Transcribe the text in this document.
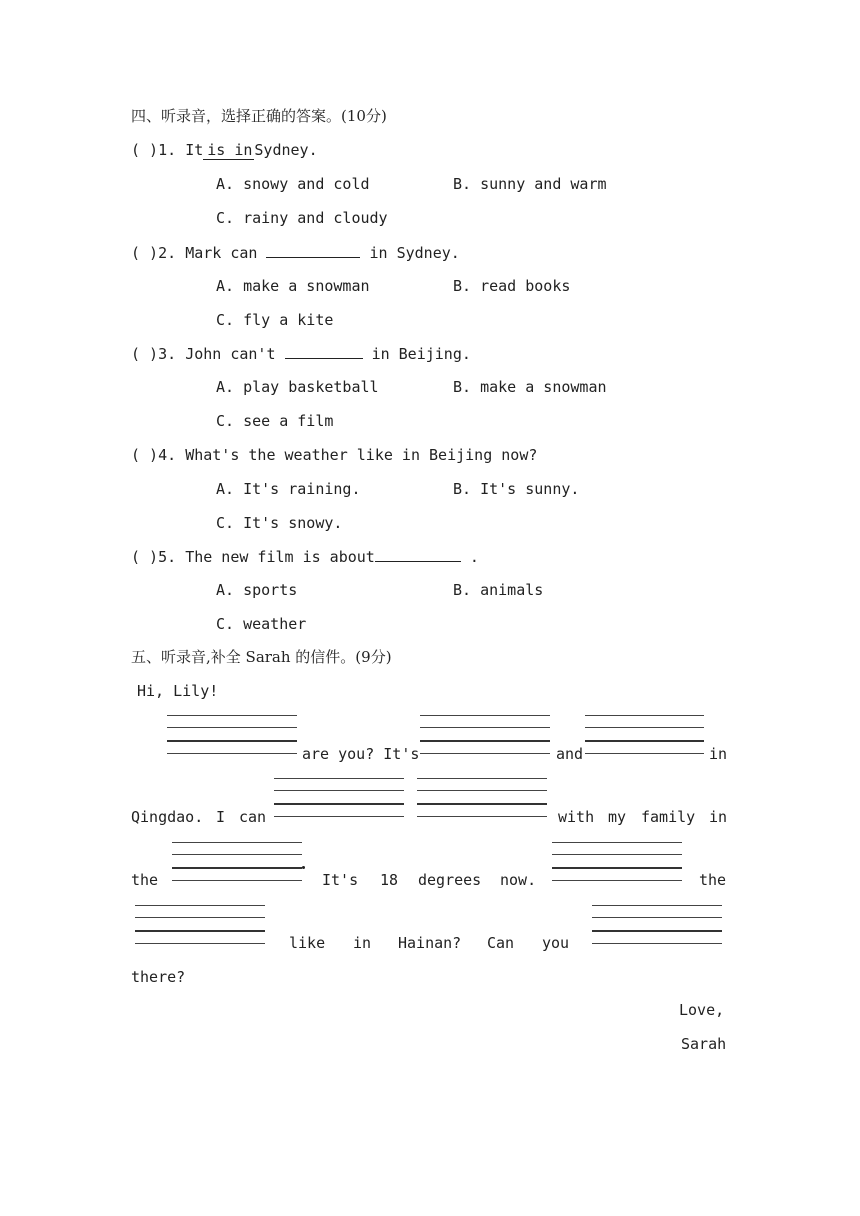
四、听录音，选择正确的答案。(10分)
( )1. It is in Sydney.
A. snowy and cold	B. sunny and warm
C. rainy and cloudy
( )2. Mark can	in Sydney.
A. make a snowman	B. read books
C. fly a kite
( )3. John can't	in Beijing.
A. play basketball	B. make a snowman
C. see a film
( )4. What's the weather like in Beijing now?
A. It's raining.	B. It's sunny.
C. It's snowy.
( )5. The new film is about	.
A. sports	B. animals
C. weather
五、听录音,补全 Sarah 的信件。(9分)
Hi, Lily!
are you? It's	and	in
Qingdao. I can	with my family in
the	It's 18 degrees now.	the
like in Hainan? Can you
there?
Love,
Sarah
